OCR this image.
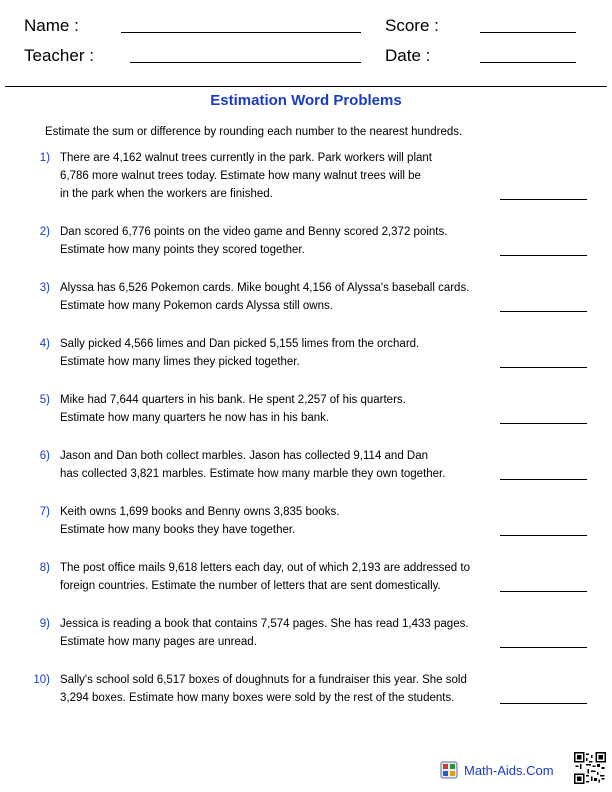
Name :	Score :
Teacher :	Date :
Estimation Word Problems
Estimate the sum or difference by rounding each number to the nearest hundreds.
1) There are 4,162 walnut trees currently in the park. Park workers will plant
6,786 more walnut trees today. Estimate how many walnut trees will be
in the park when the workers are finished.
2) Dan scored 6,776 points on the video game and Benny scored 2,372 points.
Estimate how many points they scored together.
3) Alyssa has 6,526 Pokemon cards. Mike bought 4,156 of Alyssa's baseball cards.
Estimate how many Pokemon cards Alyssa still owns.
4) Sally picked 4,566 limes and Dan picked 5,155 limes from the orchard.
Estimate how many limes they picked together.
5) Mike had 7,644 quarters in his bank. He spent 2,257 of his quarters.
Estimate how many quarters he now has in his bank.
6) Jason and Dan both collect marbles. Jason has collected 9,114 and Dan
has collected 3,821 marbles. Estimate how many marble they own together.
7) Keith owns 1,699 books and Benny owns 3,835 books.
Estimate how many books they have together.
8) The post office mails 9,618 letters each day, out of which 2,193 are addressed to
foreign countries. Estimate the number of letters that are sent domestically.
9) Jessica is reading a book that contains 7,574 pages. She has read 1,433 pages.
Estimate how many pages are unread.
10) Sally's school sold 6,517 boxes of doughnuts for a fundraiser this year. She sold
3,294 boxes. Estimate how many boxes were sold by the rest of the students.
Math-Aids.Com
